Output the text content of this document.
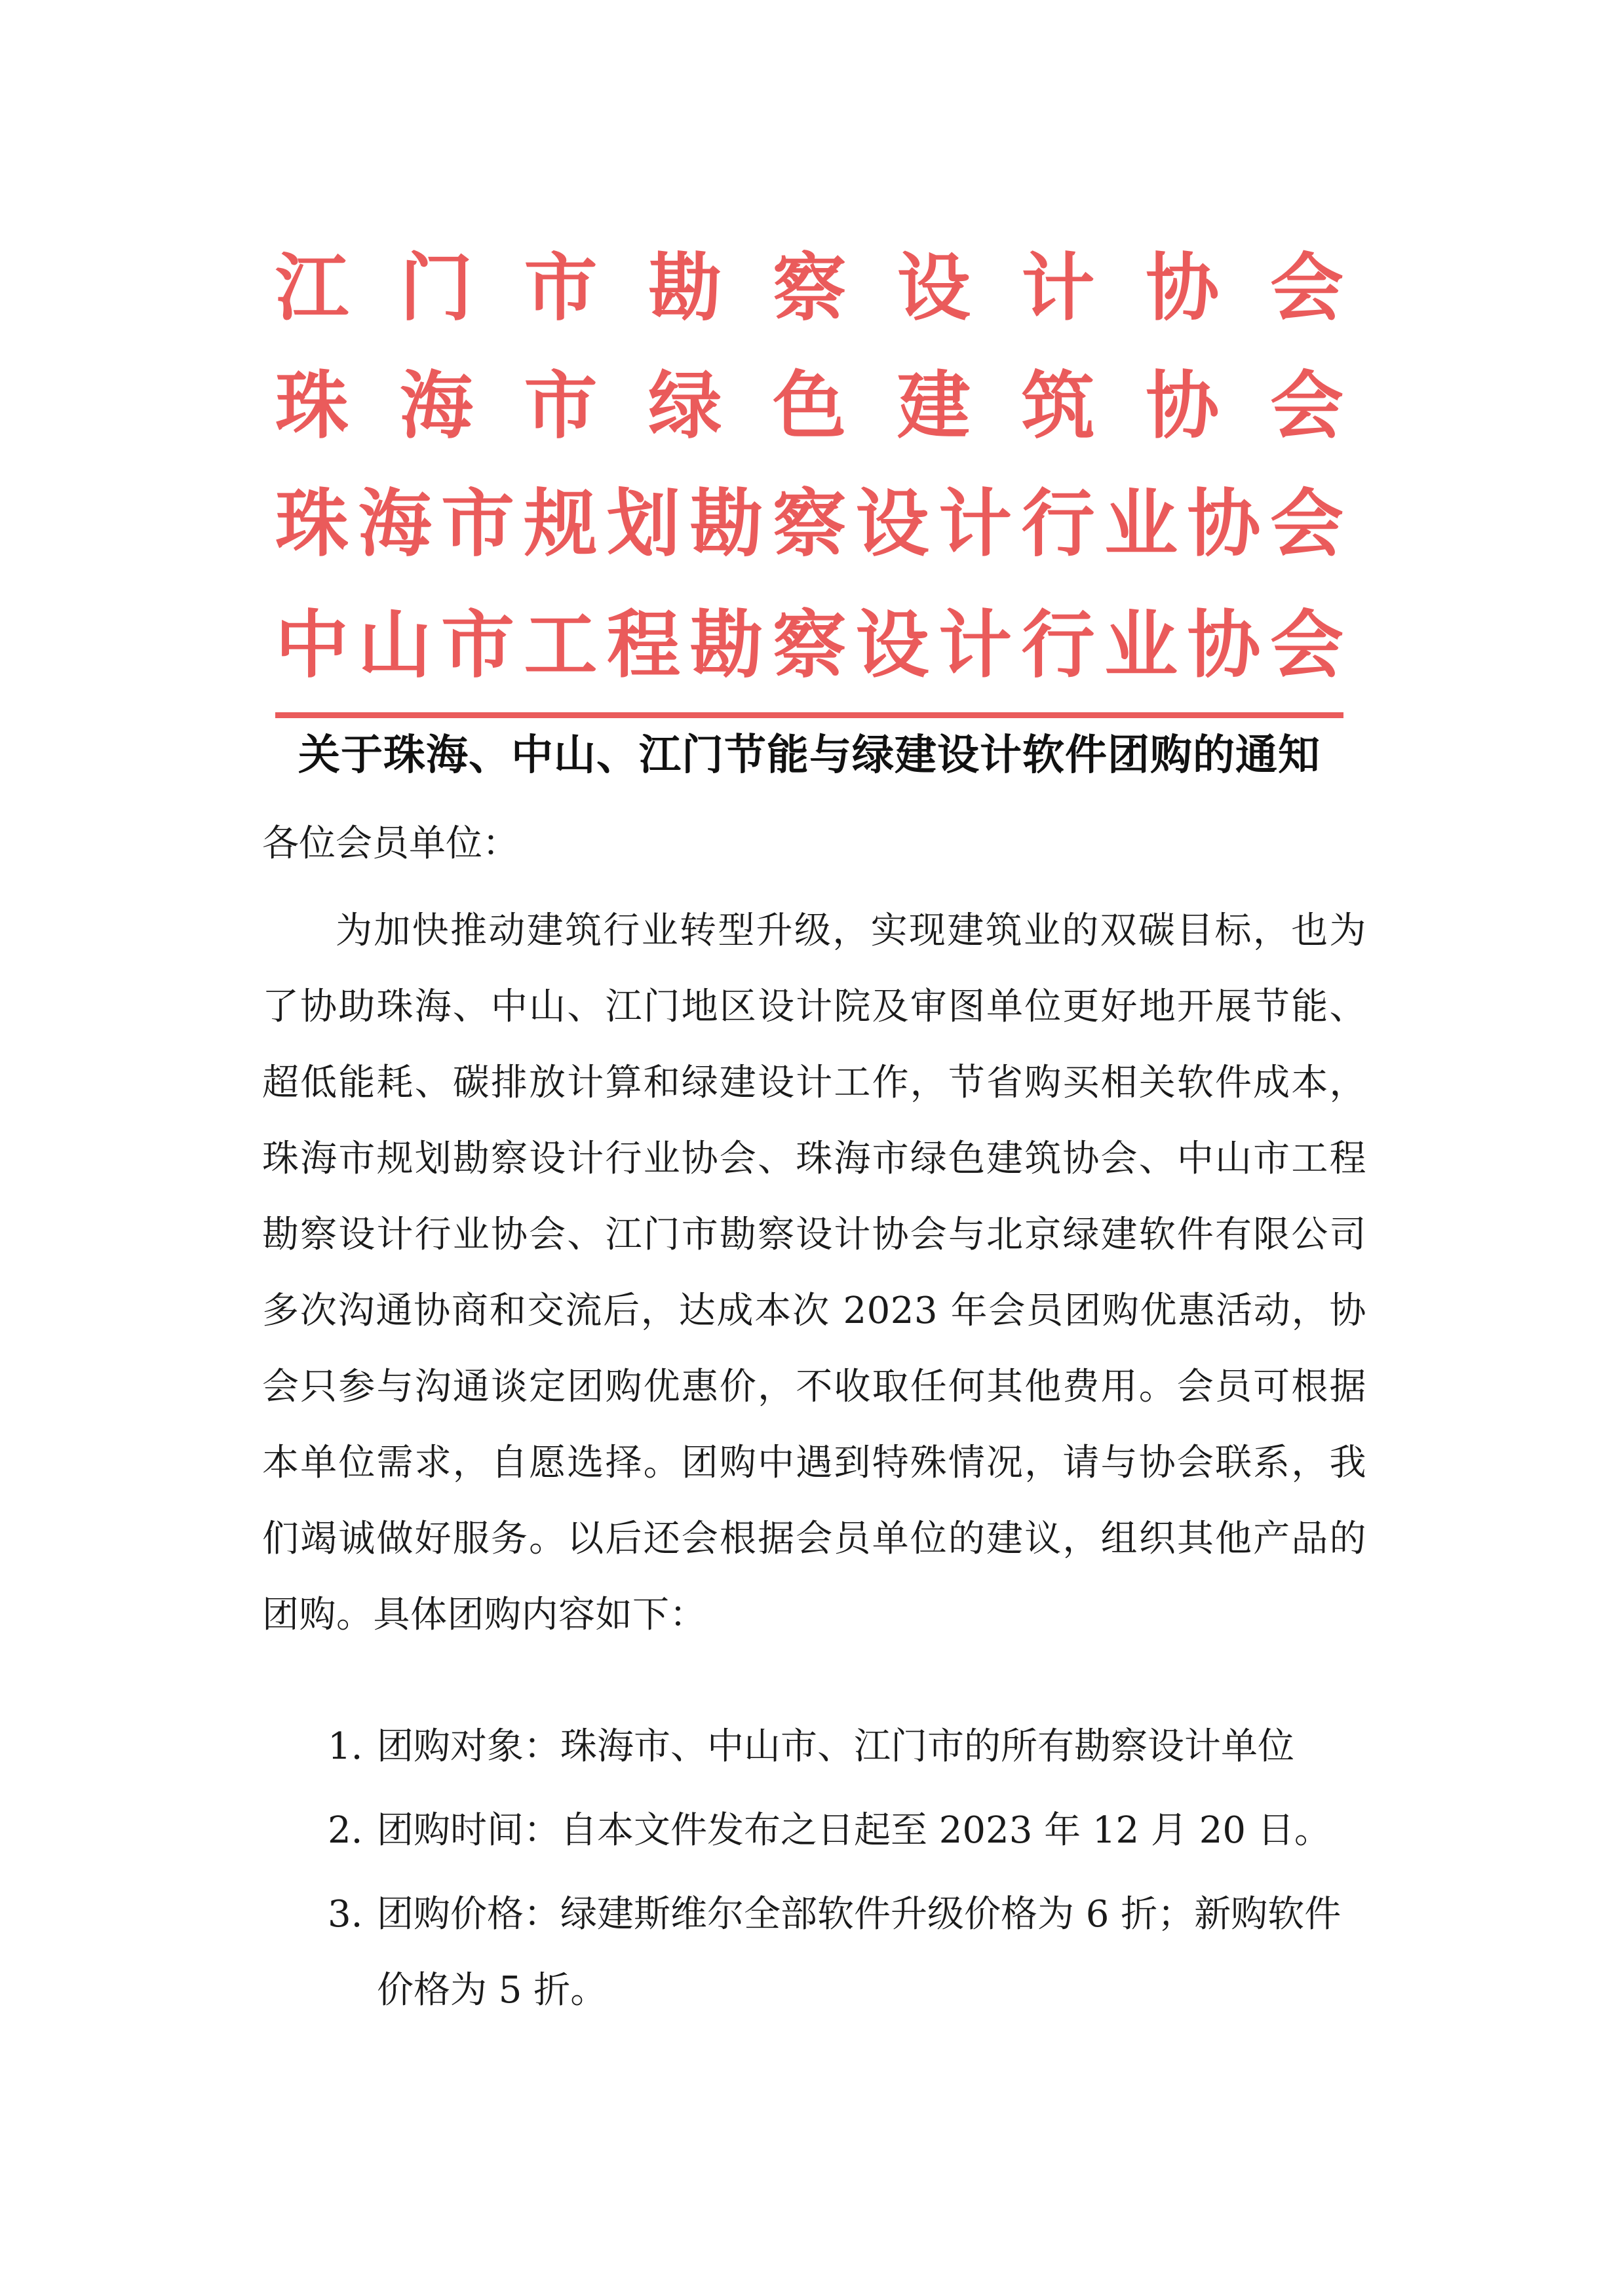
江 门 市 勘 察 设 计 协 会
珠 海 市 绿 色 建 筑 协 会
珠 海 市 规 划 勘 察 设 计 行 业 协 会
中 山 市 工 程 勘 察 设 计 行 业 协 会
关于珠海、中山、江门节能与绿建设计软件团购的通知
各位会员单位：

为加快推动建筑行业转型升级，实现建筑业的双碳目标，也为了协助珠海、中山、江门地区设计院及审图单位更好地开展节能、超低能耗、碳排放计算和绿建设计工作，节省购买相关软件成本，珠海市规划勘察设计行业协会、珠海市绿色建筑协会、中山市工程勘察设计行业协会、江门市勘察设计协会与北京绿建软件有限公司多次沟通协商和交流后，达成本次 2023 年会员团购优惠活动，协会只参与沟通谈定团购优惠价，不收取任何其他费用。会员可根据本单位需求，自愿选择。团购中遇到特殊情况，请与协会联系，我们竭诚做好服务。以后还会根据会员单位的建议，组织其他产品的团购。具体团购内容如下：

1. 团购对象：珠海市、中山市、江门市的所有勘察设计单位
2. 团购时间：自本文件发布之日起至 2023 年 12 月 20 日。
3. 团购价格：绿建斯维尔全部软件升级价格为 6 折；新购软件价格为 5 折。
